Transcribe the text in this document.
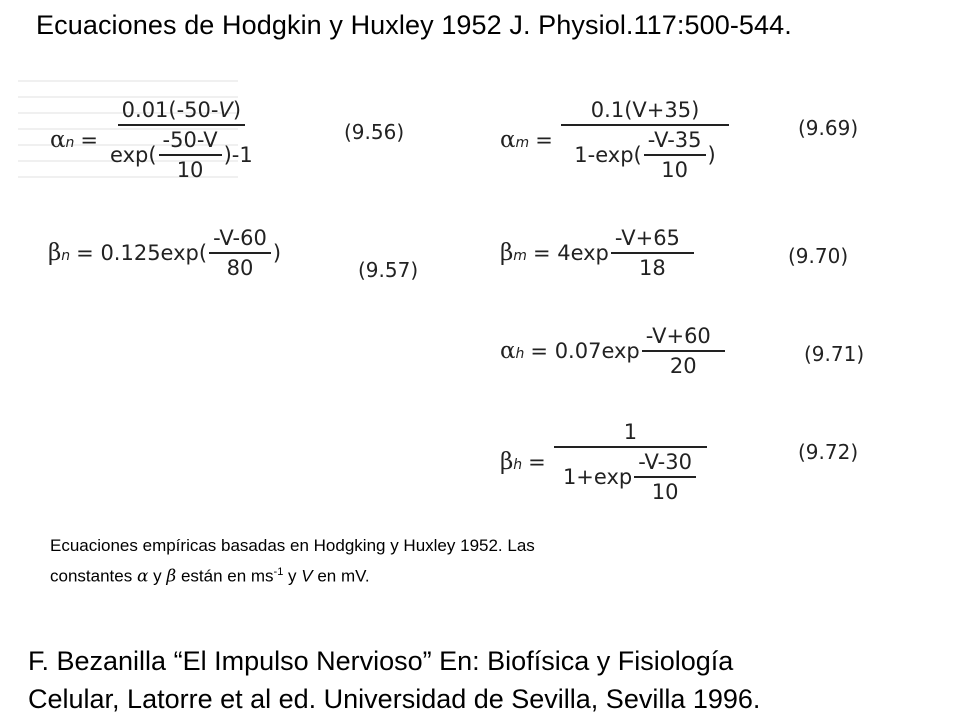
Ecuaciones de Hodgkin y Huxley 1952 J. Physiol.117:500-544.
α $n = \frac{0.01(-50-V)}{\exp( \frac{-50-V}{10} )-1}$	(9.56)
β $n = 0.125\exp( \frac{-V-60}{80}$ )
(9.57)
α $m = \frac{0.1(V+35)}{1-\exp( \frac{-V-35}{10} )}$	(9.69)
β $m = 4\exp \frac{-V+65}{18}$	(9.70)
α $h = 0.07\exp \frac{-V+60}{20}$	(9.71)
β $h = \frac{1}{1+\exp \frac{-V-30}{10}}$	(9.72)
Ecuaciones empíricas basadas en Hodgking y Huxley 1952. Las
constantes α y β están en $ms^{-1}$ y V en mV.
F. Bezanilla “El Impulso Nervioso” En: Biofísica y Fisiología
Celular, Latorre et al ed. Universidad de Sevilla, Sevilla 1996.
